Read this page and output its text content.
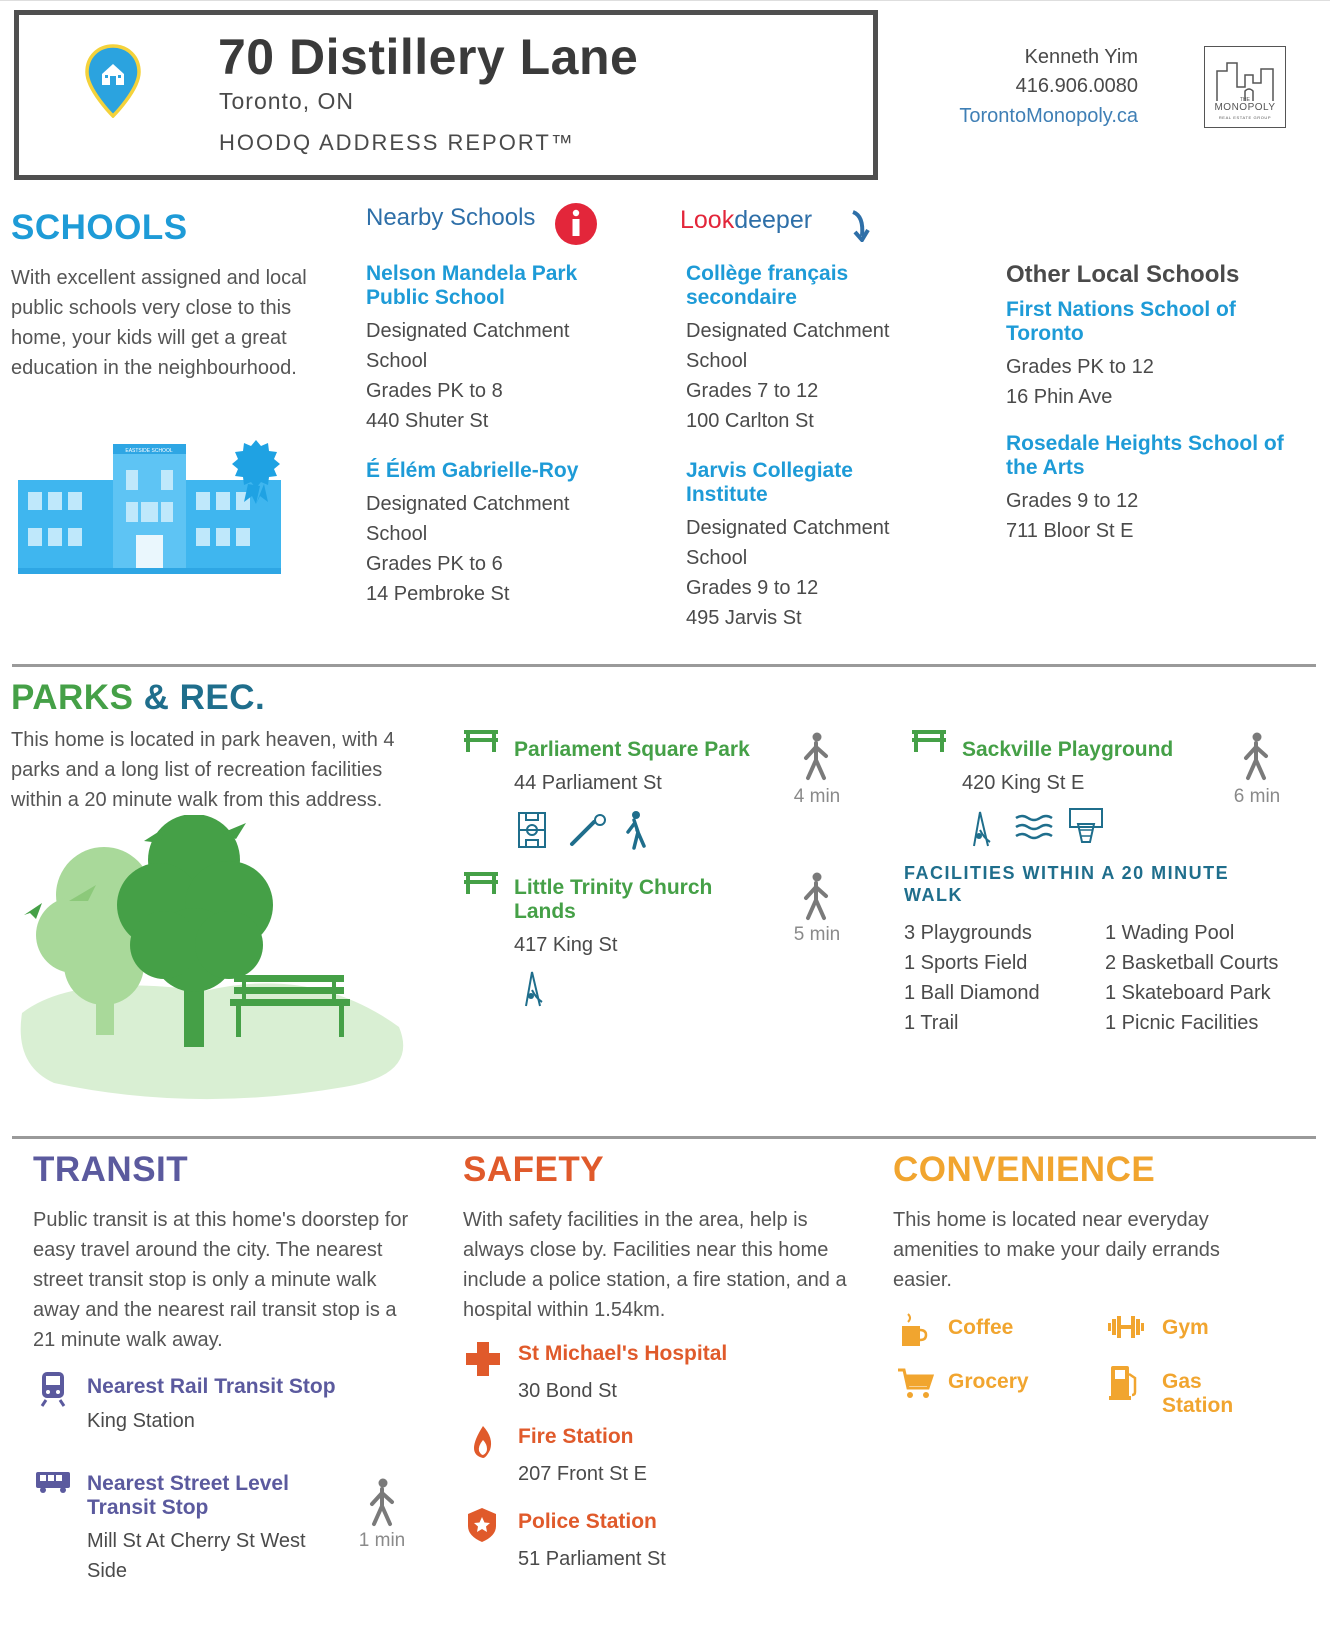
70 Distillery Lane
Toronto, ON
HOODQ ADDRESS REPORT™
Kenneth Yim
416.906.0080
TorontoMonopoly.ca
THE
MONOPOLY
REAL ESTATE GROUP
SCHOOLS
With excellent assigned and local public schools very close to this home, your kids will get a great education in the neighbourhood.
EASTSIDE SCHOOL
Nearby Schools	Lookdeeper
Nelson Mandela Park Public School
Designated Catchment
School
Grades PK to 8
440 Shuter St
É Élém Gabrielle-Roy
Designated Catchment
School
Grades PK to 6
14 Pembroke St
Collège français secondaire
Designated Catchment
School
Grades 7 to 12
100 Carlton St
Jarvis Collegiate Institute
Designated Catchment
School
Grades 9 to 12
495 Jarvis St
Other Local Schools
First Nations School of Toronto
Grades PK to 12
16 Phin Ave
Rosedale Heights School of the Arts
Grades 9 to 12
711 Bloor St E
PARKS & REC.
This home is located in park heaven, with 4 parks and a long list of recreation facilities within a 20 minute walk from this address.
Parliament Square Park
44 Parliament St
4 min
Little Trinity Church Lands
417 King St	5 min
Sackville Playground
420 King St E
6 min
FACILITIES WITHIN A 20 MINUTE WALK
3 Playgrounds
1 Sports Field
1 Ball Diamond
1 Trail
1 Wading Pool
2 Basketball Courts
1 Skateboard Park
1 Picnic Facilities
TRANSIT
Public transit is at this home's doorstep for easy travel around the city. The nearest street transit stop is only a minute walk away and the nearest rail transit stop is a 21 minute walk away.
Nearest Rail Transit Stop
King Station
Nearest Street Level Transit Stop
Mill St At Cherry St West Side
1 min
SAFETY
With safety facilities in the area, help is always close by. Facilities near this home include a police station, a fire station, and a hospital within 1.54km.
St Michael's Hospital
30 Bond St
Fire Station
207 Front St E
Police Station
51 Parliament St
CONVENIENCE
This home is located near everyday amenities to make your daily errands easier.
Coffee	Gym
Grocery	Gas Station
